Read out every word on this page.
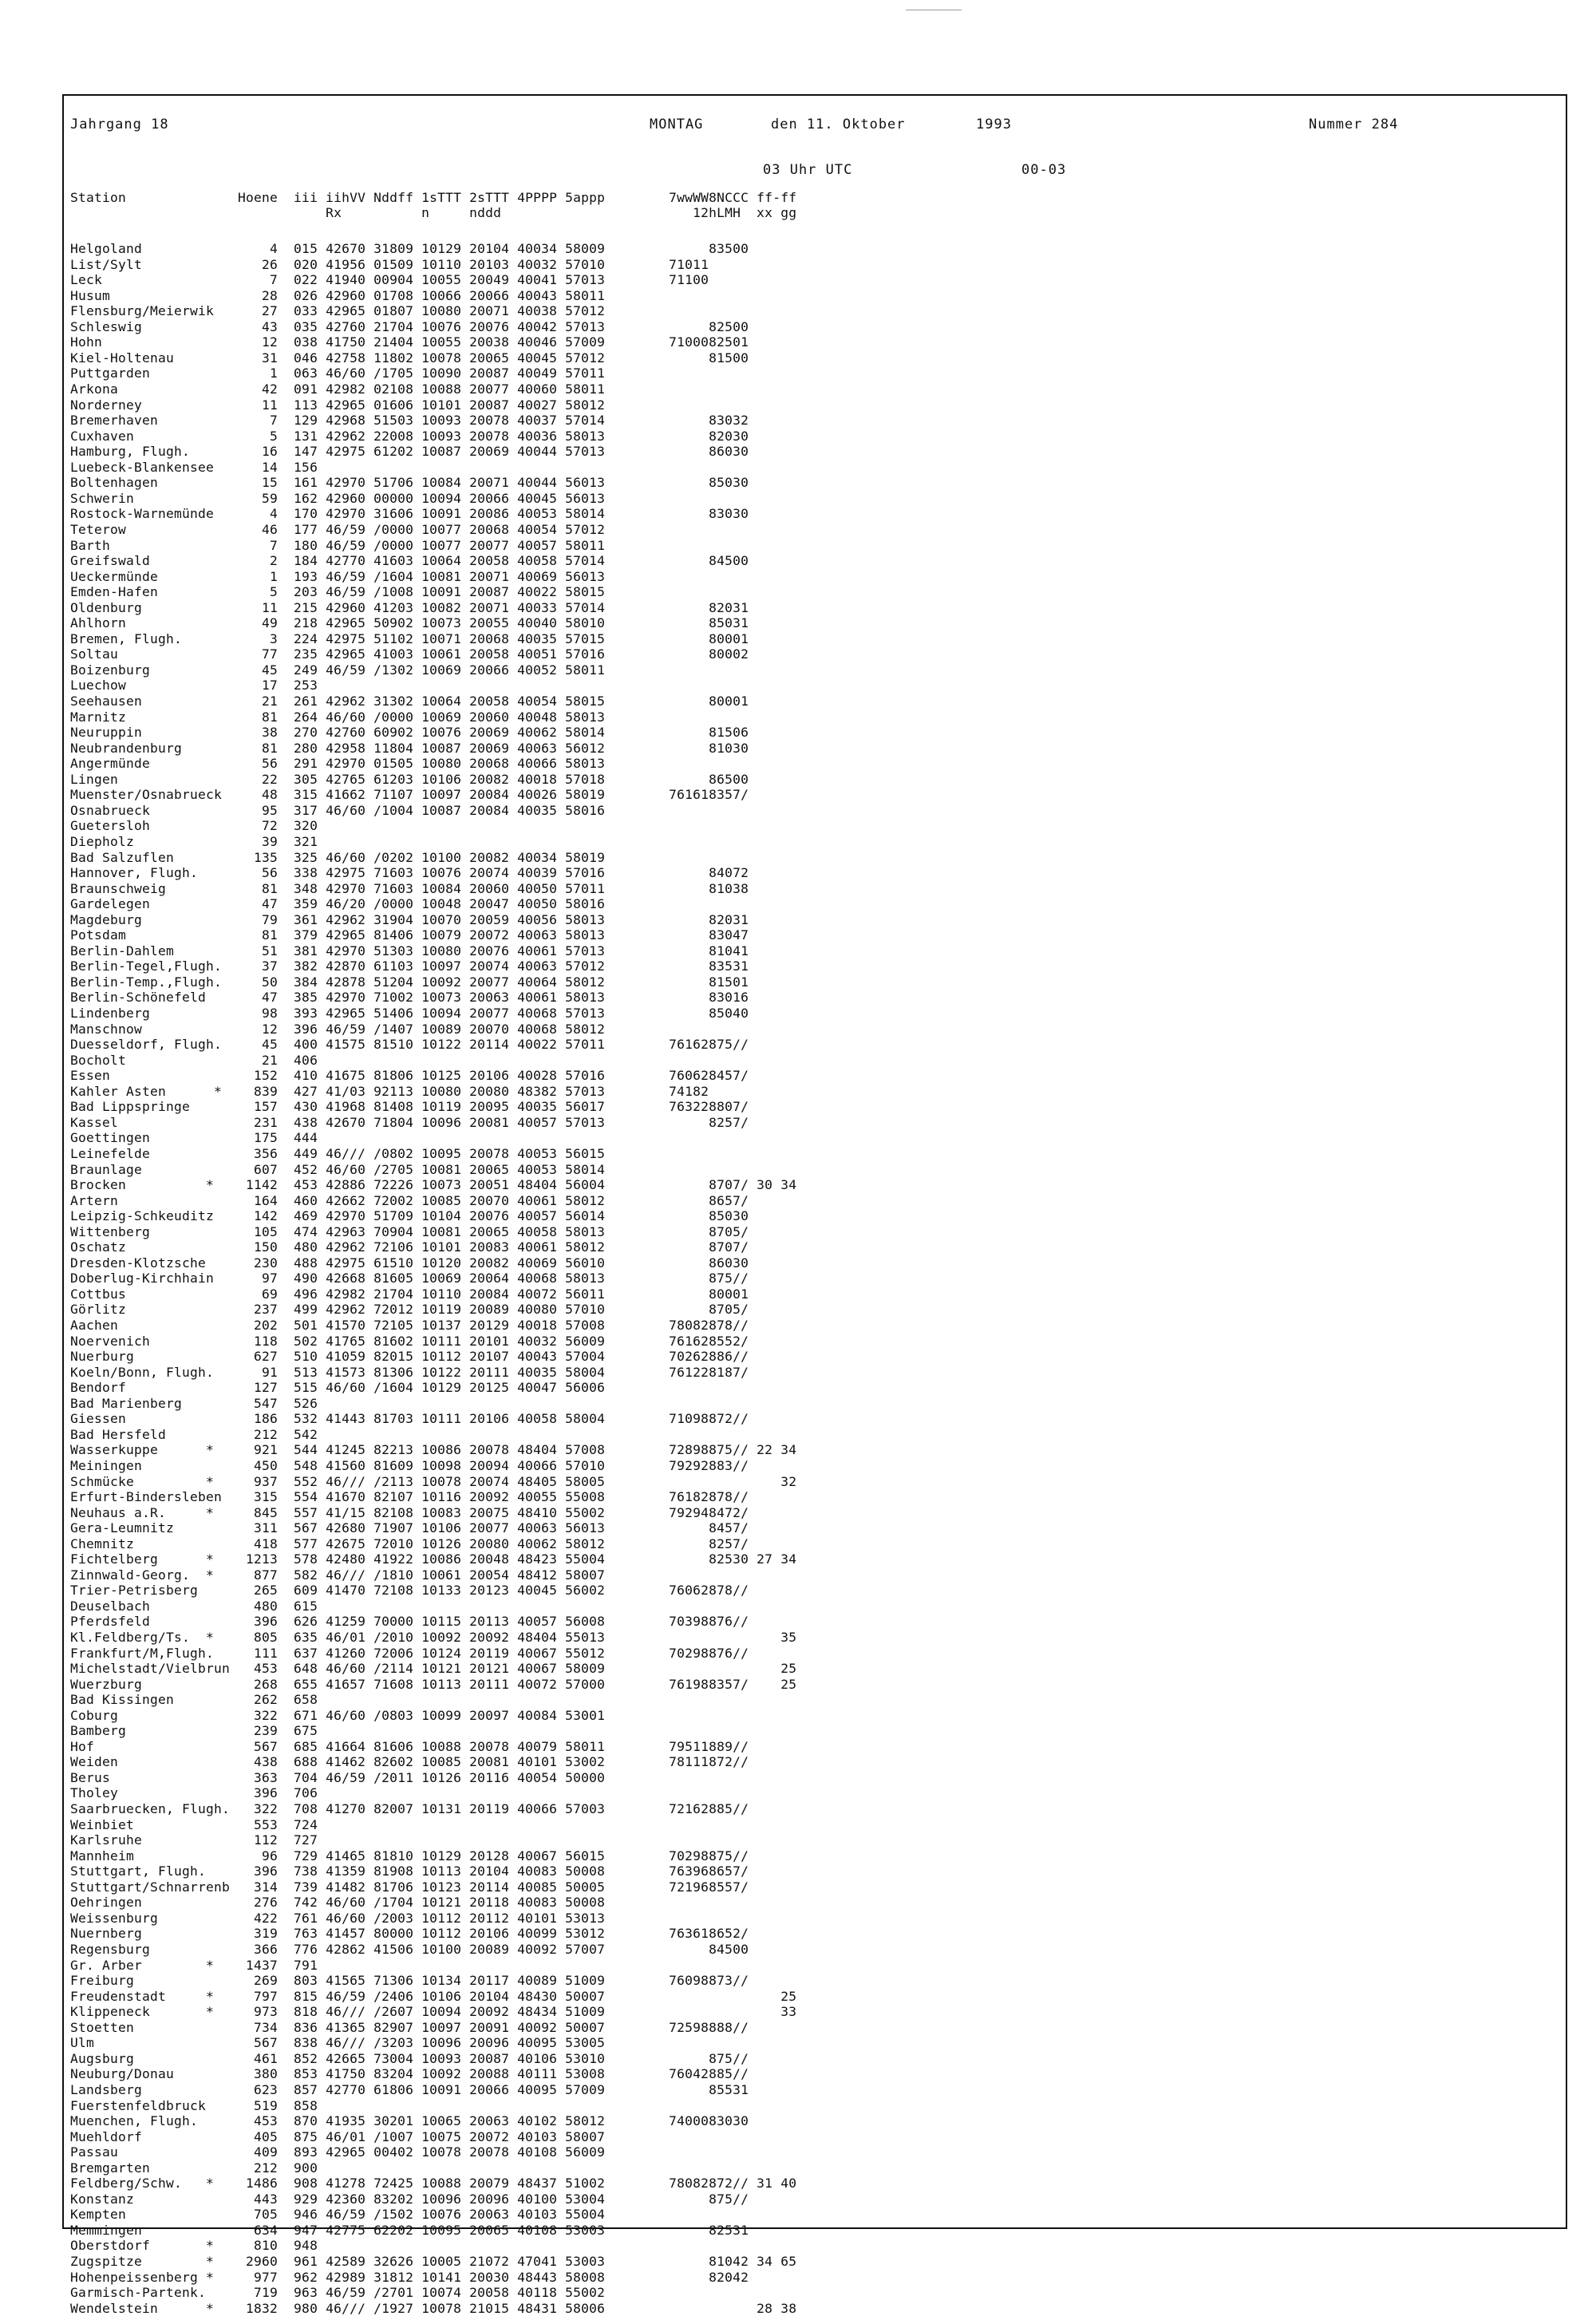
Jahrgang 18	MONTAG	den 11. Oktober	1993	Nummer 284
03 Uhr UTC	00-03
Station              Hoene  iii iihVV Nddff 1sTTT 2sTTT 4PPPP 5appp        7wwWW8NCCC ff-ff
Rx          n     nddd                        12hLMH  xx gg
Helgoland                4  015 42670 31809 10129 20104 40034 58009             83500
List/Sylt               26  020 41956 01509 10110 20103 40032 57010        71011
Leck                     7  022 41940 00904 10055 20049 40041 57013        71100
Husum                   28  026 42960 01708 10066 20066 40043 58011
Flensburg/Meierwik      27  033 42965 01807 10080 20071 40038 57012
Schleswig               43  035 42760 21704 10076 20076 40042 57013             82500
Hohn                    12  038 41750 21404 10055 20038 40046 57009        7100082501
Kiel-Holtenau           31  046 42758 11802 10078 20065 40045 57012             81500
Puttgarden               1  063 46/60 /1705 10090 20087 40049 57011
Arkona                  42  091 42982 02108 10088 20077 40060 58011
Norderney               11  113 42965 01606 10101 20087 40027 58012
Bremerhaven              7  129 42968 51503 10093 20078 40037 57014             83032
Cuxhaven                 5  131 42962 22008 10093 20078 40036 58013             82030
Hamburg, Flugh.         16  147 42975 61202 10087 20069 40044 57013             86030
Luebeck-Blankensee      14  156
Boltenhagen             15  161 42970 51706 10084 20071 40044 56013             85030
Schwerin                59  162 42960 00000 10094 20066 40045 56013
Rostock-Warnemünde       4  170 42970 31606 10091 20086 40053 58014             83030
Teterow                 46  177 46/59 /0000 10077 20068 40054 57012
Barth                    7  180 46/59 /0000 10077 20077 40057 58011
Greifswald               2  184 42770 41603 10064 20058 40058 57014             84500
Ueckermünde              1  193 46/59 /1604 10081 20071 40069 56013
Emden-Hafen              5  203 46/59 /1008 10091 20087 40022 58015
Oldenburg               11  215 42960 41203 10082 20071 40033 57014             82031
Ahlhorn                 49  218 42965 50902 10073 20055 40040 58010             85031
Bremen, Flugh.           3  224 42975 51102 10071 20068 40035 57015             80001
Soltau                  77  235 42965 41003 10061 20058 40051 57016             80002
Boizenburg              45  249 46/59 /1302 10069 20066 40052 58011
Luechow                 17  253
Seehausen               21  261 42962 31302 10064 20058 40054 58015             80001
Marnitz                 81  264 46/60 /0000 10069 20060 40048 58013
Neuruppin               38  270 42760 60902 10076 20069 40062 58014             81506
Neubrandenburg          81  280 42958 11804 10087 20069 40063 56012             81030
Angermünde              56  291 42970 01505 10080 20068 40066 58013
Lingen                  22  305 42765 61203 10106 20082 40018 57018             86500
Muenster/Osnabrueck     48  315 41662 71107 10097 20084 40026 58019        761618357/
Osnabrueck              95  317 46/60 /1004 10087 20084 40035 58016
Guetersloh              72  320
Diepholz                39  321
Bad Salzuflen          135  325 46/60 /0202 10100 20082 40034 58019
Hannover, Flugh.        56  338 42975 71603 10076 20074 40039 57016             84072
Braunschweig            81  348 42970 71603 10084 20060 40050 57011             81038
Gardelegen              47  359 46/20 /0000 10048 20047 40050 58016
Magdeburg               79  361 42962 31904 10070 20059 40056 58013             82031
Potsdam                 81  379 42965 81406 10079 20072 40063 58013             83047
Berlin-Dahlem           51  381 42970 51303 10080 20076 40061 57013             81041
Berlin-Tegel,Flugh.     37  382 42870 61103 10097 20074 40063 57012             83531
Berlin-Temp.,Flugh.     50  384 42878 51204 10092 20077 40064 58012             81501
Berlin-Schönefeld       47  385 42970 71002 10073 20063 40061 58013             83016
Lindenberg              98  393 42965 51406 10094 20077 40068 57013             85040
Manschnow               12  396 46/59 /1407 10089 20070 40068 58012
Duesseldorf, Flugh.     45  400 41575 81510 10122 20114 40022 57011        76162875//
Bocholt                 21  406
Essen                  152  410 41675 81806 10125 20106 40028 57016        760628457/
Kahler Asten      *    839  427 41/03 92113 10080 20080 48382 57013        74182
Bad Lippspringe        157  430 41968 81408 10119 20095 40035 56017        763228807/
Kassel                 231  438 42670 71804 10096 20081 40057 57013             8257/
Goettingen             175  444
Leinefelde             356  449 46/// /0802 10095 20078 40053 56015
Braunlage              607  452 46/60 /2705 10081 20065 40053 58014
Brocken          *    1142  453 42886 72226 10073 20051 48404 56004             8707/ 30 34
Artern                 164  460 42662 72002 10085 20070 40061 58012             8657/
Leipzig-Schkeuditz     142  469 42970 51709 10104 20076 40057 56014             85030
Wittenberg             105  474 42963 70904 10081 20065 40058 58013             8705/
Oschatz                150  480 42962 72106 10101 20083 40061 58012             8707/
Dresden-Klotzsche      230  488 42975 61510 10120 20082 40069 56010             86030
Doberlug-Kirchhain      97  490 42668 81605 10069 20064 40068 58013             875//
Cottbus                 69  496 42982 21704 10110 20084 40072 56011             80001
Görlitz                237  499 42962 72012 10119 20089 40080 57010             8705/
Aachen                 202  501 41570 72105 10137 20129 40018 57008        78082878//
Noervenich             118  502 41765 81602 10111 20101 40032 56009        761628552/
Nuerburg               627  510 41059 82015 10112 20107 40043 57004        70262886//
Koeln/Bonn, Flugh.      91  513 41573 81306 10122 20111 40035 58004        761228187/
Bendorf                127  515 46/60 /1604 10129 20125 40047 56006
Bad Marienberg         547  526
Giessen                186  532 41443 81703 10111 20106 40058 58004        71098872//
Bad Hersfeld           212  542
Wasserkuppe      *     921  544 41245 82213 10086 20078 48404 57008        72898875// 22 34
Meiningen              450  548 41560 81609 10098 20094 40066 57010        79292883//
Schmücke         *     937  552 46/// /2113 10078 20074 48405 58005                      32
Erfurt-Bindersleben    315  554 41670 82107 10116 20092 40055 55008        76182878//
Neuhaus a.R.     *     845  557 41/15 82108 10083 20075 48410 55002        792948472/
Gera-Leumnitz          311  567 42680 71907 10106 20077 40063 56013             8457/
Chemnitz               418  577 42675 72010 10126 20080 40062 58012             8257/
Fichtelberg      *    1213  578 42480 41922 10086 20048 48423 55004             82530 27 34
Zinnwald-Georg.  *     877  582 46/// /1810 10061 20054 48412 58007
Trier-Petrisberg       265  609 41470 72108 10133 20123 40045 56002        76062878//
Deuselbach             480  615
Pferdsfeld             396  626 41259 70000 10115 20113 40057 56008        70398876//
Kl.Feldberg/Ts.  *     805  635 46/01 /2010 10092 20092 48404 55013                      35
Frankfurt/M,Flugh.     111  637 41260 72006 10124 20119 40067 55012        70298876//
Michelstadt/Vielbrun   453  648 46/60 /2114 10121 20121 40067 58009                      25
Wuerzburg              268  655 41657 71608 10113 20111 40072 57000        761988357/    25
Bad Kissingen          262  658
Coburg                 322  671 46/60 /0803 10099 20097 40084 53001
Bamberg                239  675
Hof                    567  685 41664 81606 10088 20078 40079 58011        79511889//
Weiden                 438  688 41462 82602 10085 20081 40101 53002        78111872//
Berus                  363  704 46/59 /2011 10126 20116 40054 50000
Tholey                 396  706
Saarbruecken, Flugh.   322  708 41270 82007 10131 20119 40066 57003        72162885//
Weinbiet               553  724
Karlsruhe              112  727
Mannheim                96  729 41465 81810 10129 20128 40067 56015        70298875//
Stuttgart, Flugh.      396  738 41359 81908 10113 20104 40083 50008        763968657/
Stuttgart/Schnarrenb   314  739 41482 81706 10123 20114 40085 50005        721968557/
Oehringen              276  742 46/60 /1704 10121 20118 40083 50008
Weissenburg            422  761 46/60 /2003 10112 20112 40101 53013
Nuernberg              319  763 41457 80000 10112 20106 40099 53012        763618652/
Regensburg             366  776 42862 41506 10100 20089 40092 57007             84500
Gr. Arber        *    1437  791
Freiburg               269  803 41565 71306 10134 20117 40089 51009        76098873//
Freudenstadt     *     797  815 46/59 /2406 10106 20104 48430 50007                      25
Klippeneck       *     973  818 46/// /2607 10094 20092 48434 51009                      33
Stoetten               734  836 41365 82907 10097 20091 40092 50007        72598888//
Ulm                    567  838 46/// /3203 10096 20096 40095 53005
Augsburg               461  852 42665 73004 10093 20087 40106 53010             875//
Neuburg/Donau          380  853 41750 83204 10092 20088 40111 53008        76042885//
Landsberg              623  857 42770 61806 10091 20066 40095 57009             85531
Fuerstenfeldbruck      519  858
Muenchen, Flugh.       453  870 41935 30201 10065 20063 40102 58012        7400083030
Muehldorf              405  875 46/01 /1007 10075 20072 40103 58007
Passau                 409  893 42965 00402 10078 20078 40108 56009
Bremgarten             212  900
Feldberg/Schw.   *    1486  908 41278 72425 10088 20079 48437 51002        78082872// 31 40
Konstanz               443  929 42360 83202 10096 20096 40100 53004             875//
Kempten                705  946 46/59 /1502 10076 20063 40103 55004
Memmingen              634  947 42775 62202 10095 20065 40108 53003             82531
Oberstdorf       *     810  948
Zugspitze        *    2960  961 42589 32626 10005 21072 47041 53003             81042 34 65
Hohenpeissenberg *     977  962 42989 31812 10141 20030 48443 58008             82042
Garmisch-Partenk.      719  963 46/59 /2701 10074 20058 40118 55002
Wendelstein      *    1832  980 46/// /1927 10078 21015 48431 58006                   28 38
